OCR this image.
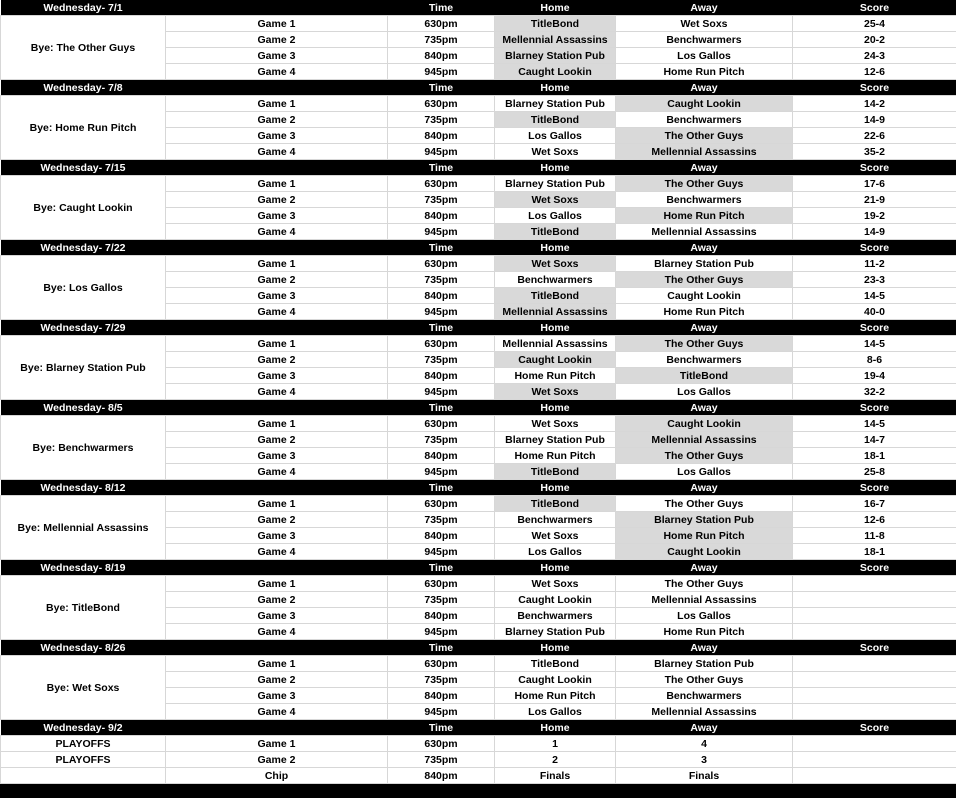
Wednesday- 7/1		Time	Home	Away	Score
Bye: The Other Guys	Game 1	630pm	TitleBond	Wet Soxs	25-4
	Game 2	735pm	Mellennial Assassins	Benchwarmers	20-2
	Game 3	840pm	Blarney Station Pub	Los Gallos	24-3
	Game 4	945pm	Caught Lookin	Home Run Pitch	12-6
Wednesday- 7/8		Time	Home	Away	Score
Bye: Home Run Pitch	Game 1	630pm	Blarney Station Pub	Caught Lookin	14-2
	Game 2	735pm	TitleBond	Benchwarmers	14-9
	Game 3	840pm	Los Gallos	The Other Guys	22-6
	Game 4	945pm	Wet Soxs	Mellennial Assassins	35-2
Wednesday- 7/15		Time	Home	Away	Score
Bye: Caught Lookin	Game 1	630pm	Blarney Station Pub	The Other Guys	17-6
	Game 2	735pm	Wet Soxs	Benchwarmers	21-9
	Game 3	840pm	Los Gallos	Home Run Pitch	19-2
	Game 4	945pm	TitleBond	Mellennial Assassins	14-9
Wednesday- 7/22		Time	Home	Away	Score
Bye: Los Gallos	Game 1	630pm	Wet Soxs	Blarney Station Pub	11-2
	Game 2	735pm	Benchwarmers	The Other Guys	23-3
	Game 3	840pm	TitleBond	Caught Lookin	14-5
	Game 4	945pm	Mellennial Assassins	Home Run Pitch	40-0
Wednesday- 7/29		Time	Home	Away	Score
Bye: Blarney Station Pub	Game 1	630pm	Mellennial Assassins	The Other Guys	14-5
	Game 2	735pm	Caught Lookin	Benchwarmers	8-6
	Game 3	840pm	Home Run Pitch	TitleBond	19-4
	Game 4	945pm	Wet Soxs	Los Gallos	32-2
Wednesday- 8/5		Time	Home	Away	Score
Bye: Benchwarmers	Game 1	630pm	Wet Soxs	Caught Lookin	14-5
	Game 2	735pm	Blarney Station Pub	Mellennial Assassins	14-7
	Game 3	840pm	Home Run Pitch	The Other Guys	18-1
	Game 4	945pm	TitleBond	Los Gallos	25-8
Wednesday- 8/12		Time	Home	Away	Score
Bye: Mellennial Assassins	Game 1	630pm	TitleBond	The Other Guys	16-7
	Game 2	735pm	Benchwarmers	Blarney Station Pub	12-6
	Game 3	840pm	Wet Soxs	Home Run Pitch	11-8
	Game 4	945pm	Los Gallos	Caught Lookin	18-1
Wednesday- 8/19		Time	Home	Away	Score
Bye: TitleBond	Game 1	630pm	Wet Soxs	The Other Guys	
	Game 2	735pm	Caught Lookin	Mellennial Assassins	
	Game 3	840pm	Benchwarmers	Los Gallos	
	Game 4	945pm	Blarney Station Pub	Home Run Pitch	
Wednesday- 8/26		Time	Home	Away	Score
Bye: Wet Soxs	Game 1	630pm	TitleBond	Blarney Station Pub	
	Game 2	735pm	Caught Lookin	The Other Guys	
	Game 3	840pm	Home Run Pitch	Benchwarmers	
	Game 4	945pm	Los Gallos	Mellennial Assassins	
Wednesday- 9/2		Time	Home	Away	Score
PLAYOFFS	Game 1	630pm	1	4	
PLAYOFFS	Game 2	735pm	2	3	
	Chip	840pm	Finals	Finals	
